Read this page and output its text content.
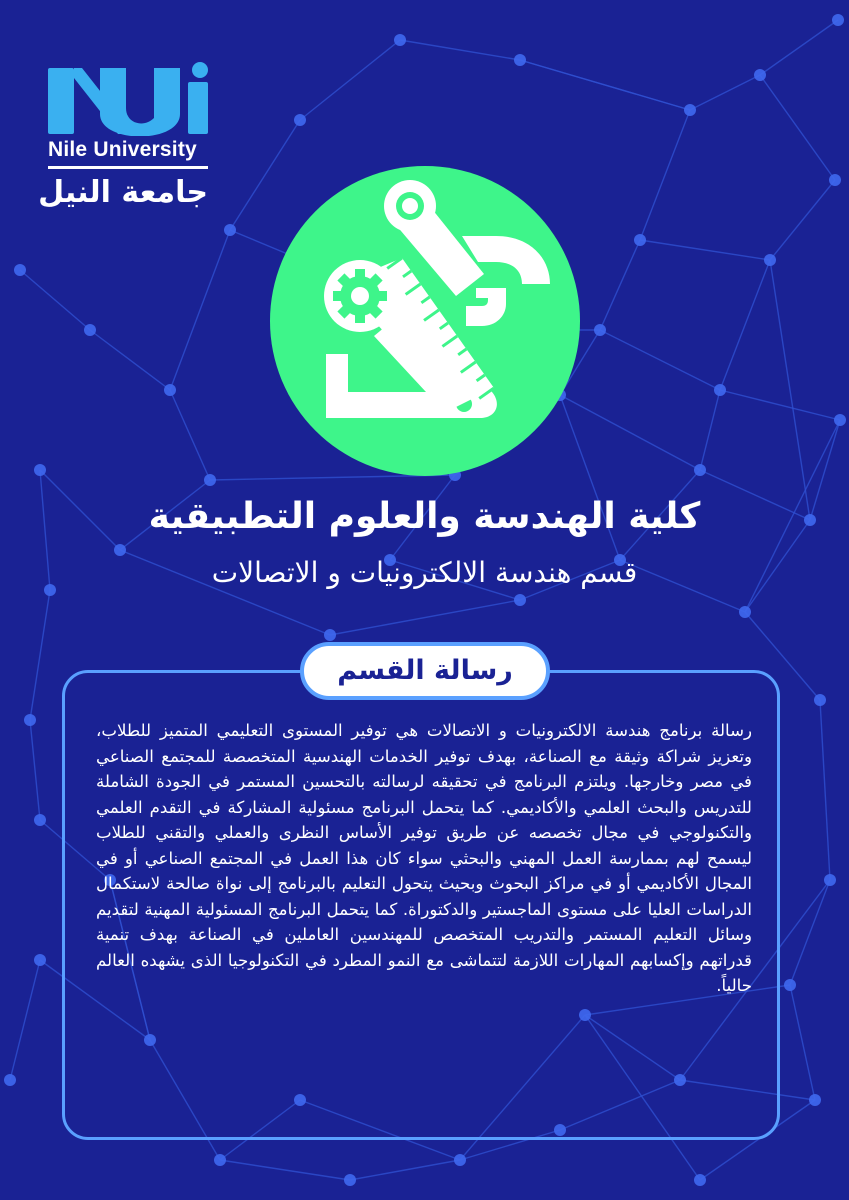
Nile University
جامعة النيل
كلية الهندسة والعلوم التطبيقية
قسم هندسة الالكترونيات و الاتصالات
رسالة القسم
رسالة برنامج هندسة الالكترونيات و الاتصالات هي توفير المستوى التعليمي المتميز للطلاب، وتعزيز شراكة وثيقة مع الصناعة، بهدف توفير الخدمات الهندسية المتخصصة للمجتمع الصناعي في مصر وخارجها. ويلتزم البرنامج في تحقيقه لرسالته بالتحسين المستمر في الجودة الشاملة للتدريس والبحث العلمي والأكاديمي. كما يتحمل البرنامج مسئولية المشاركة في التقدم العلمي والتكنولوجي في مجال تخصصه عن طريق توفير الأساس النظرى والعملي والتقني للطلاب ليسمح لهم بممارسة العمل المهني والبحثي سواء كان هذا العمل في المجتمع الصناعي أو في المجال الأكاديمي أو في مراكز البحوث وبحيث يتحول التعليم بالبرنامج إلى نواة صالحة لاستكمال الدراسات العليا على مستوى الماجستير والدكتوراة. كما يتحمل البرنامج المسئولية المهنية لتقديم وسائل التعليم المستمر والتدريب المتخصص للمهندسين العاملين في الصناعة بهدف تنمية قدراتهم وإكسابهم المهارات اللازمة لتتماشى مع النمو المطرد في التكنولوجيا الذى يشهده العالم حالياً.
